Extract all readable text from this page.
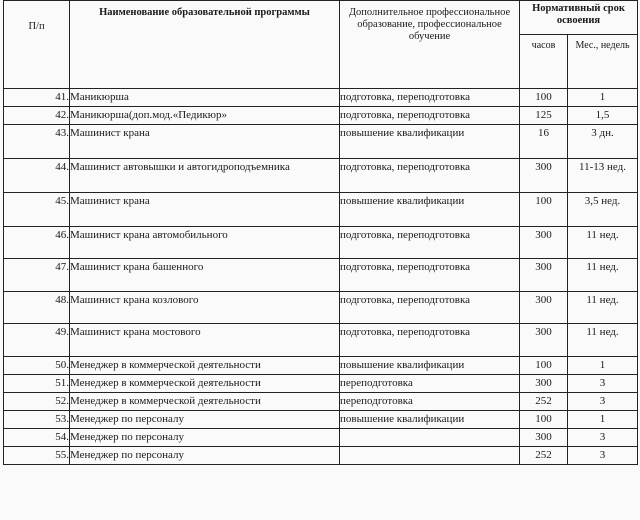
П/п	Наименование образовательной программы	Дополнительное профессиональное образование, профессиональное обучение	Нормативный срок освоения	
			часов	Мес., недель
41.	Маникюрша	подготовка, переподготовка	100	1
42.	Маникюрша(доп.мод.«Педикюр»	подготовка, переподготовка	125	1,5
43.	Машинист крана	повышение квалификации	16	3 дн.
44.	Машинист автовышки и автогидроподъемника	подготовка, переподготовка	300	11-13 нед.
45.	Машинист крана	повышение квалификации	100	3,5 нед.
46.	Машинист крана автомобильного	подготовка, переподготовка	300	11 нед.
47.	Машинист крана башенного	подготовка, переподготовка	300	11 нед.
48.	Машинист крана козлового	подготовка, переподготовка	300	11 нед.
49.	Машинист крана мостового	подготовка, переподготовка	300	11 нед.
50.	Менеджер в коммерческой деятельности	повышение квалификации	100	1
51.	Менеджер в коммерческой деятельности	переподготовка	300	3
52.	Менеджер в коммерческой деятельности	переподготовка	252	3
53.	Менеджер по персоналу	повышение квалификации	100	1
54.	Менеджер по персоналу		300	3
55.	Менеджер по персоналу		252	3
